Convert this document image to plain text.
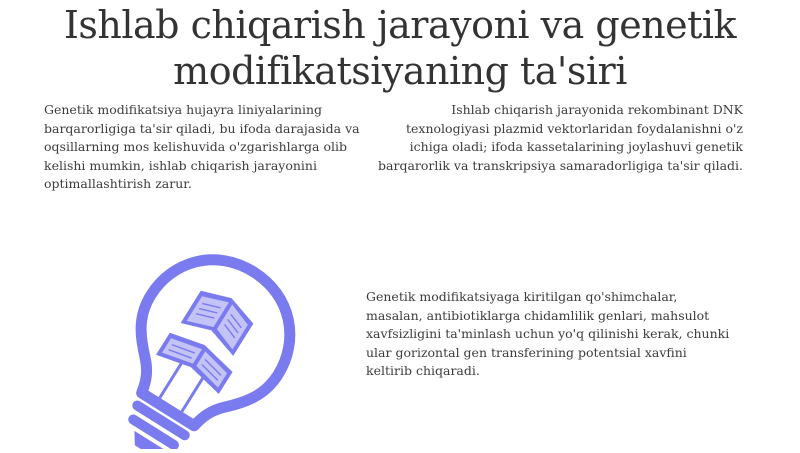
Ishlab chiqarish jarayoni va genetik modifikatsiyaning ta'siri

Genetik modifikatsiya hujayra liniyalarining barqarorligiga ta'sir qiladi, bu ifoda darajasida va oqsillarning mos kelishuvida o'zgarishlarga olib kelishi mumkin, ishlab chiqarish jarayonini optimallashtirish zarur.

Ishlab chiqarish jarayonida rekombinant DNK texnologiyasi plazmid vektorlaridan foydalanishni o'z ichiga oladi; ifoda kassetalarining joylashuvi genetik barqarorlik va transkripsiya samaradorligiga ta'sir qiladi.

Genetik modifikatsiyaga kiritilgan qo'shimchalar, masalan, antibiotiklarga chidamlilik genlari, mahsulot xavfsizligini ta'minlash uchun yo'q qilinishi kerak, chunki ular gorizontal gen transferining potentsial xavfini keltirib chiqaradi.
